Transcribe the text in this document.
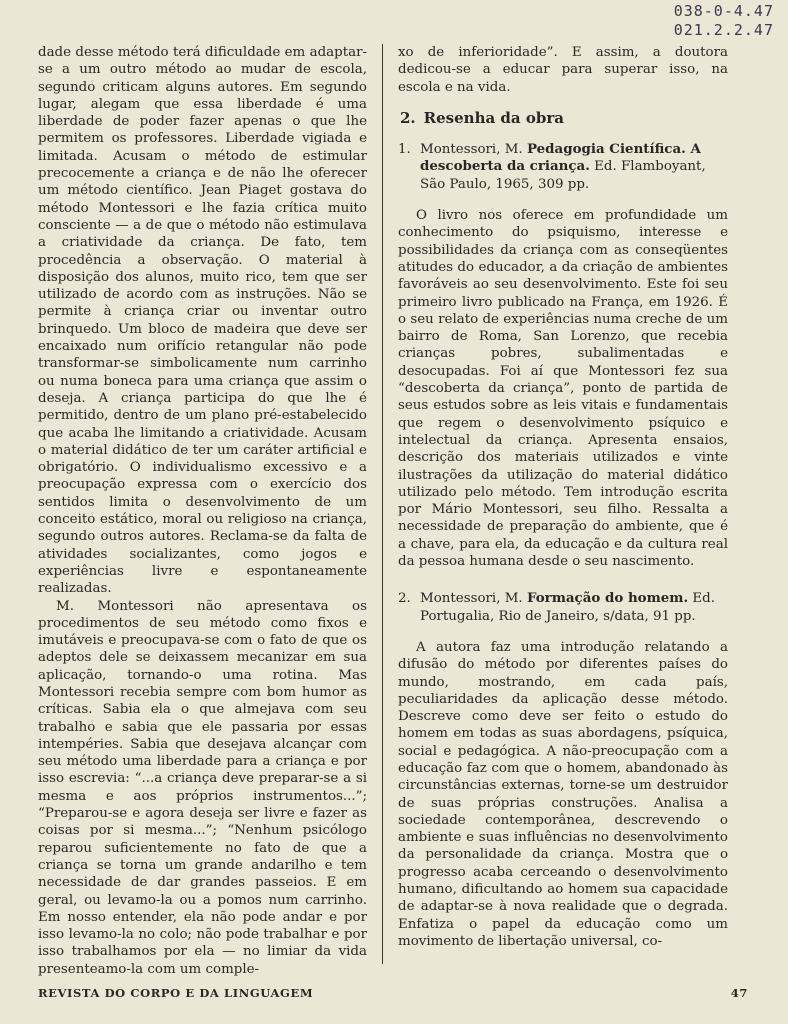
038-0-4.47
021.2.2.47

dade desse método terá dificuldade em adaptar-se a um outro método ao mudar de escola, segundo criticam alguns autores. Em segundo lugar, alegam que essa liberdade é uma liberdade de poder fazer apenas o que lhe permitem os professores. Liberdade vigiada e limitada. Acusam o método de estimular precocemente a criança e de não lhe oferecer um método científico. Jean Piaget gostava do método Montessori e lhe fazia crítica muito consciente — a de que o método não estimulava a criatividade da criança. De fato, tem procedência a observação. O material à disposição dos alunos, muito rico, tem que ser utilizado de acordo com as instruções. Não se permite à criança criar ou inventar outro brinquedo. Um bloco de madeira que deve ser encaixado num orifício retangular não pode transformar-se simbolicamente num carrinho ou numa boneca para uma criança que assim o deseja. A criança participa do que lhe é permitido, dentro de um plano pré-estabelecido que acaba lhe limitando a criatividade. Acusam o material didático de ter um caráter artificial e obrigatório. O individualismo excessivo e a preocupação expressa com o exercício dos sentidos limita o desenvolvimento de um conceito estático, moral ou religioso na criança, segundo outros autores. Reclama-se da falta de atividades socializantes, como jogos e experiências livre e espontaneamente realizadas.

M. Montessori não apresentava os procedimentos de seu método como fixos e imutáveis e preocupava-se com o fato de que os adeptos dele se deixassem mecanizar em sua aplicação, tornando-o uma rotina. Mas Montessori recebia sempre com bom humor as críticas. Sabia ela o que almejava com seu trabalho e sabia que ele passaria por essas intempéries. Sabia que desejava alcançar com seu método uma liberdade para a criança e por isso escrevia: “...a criança deve preparar-se a si mesma e aos próprios instrumentos...”; “Preparou-se e agora deseja ser livre e fazer as coisas por si mesma...”; “Nenhum psicólogo reparou suficientemente no fato de que a criança se torna um grande andarilho e tem necessidade de dar grandes passeios. E em geral, ou levamo-la ou a pomos num carrinho. Em nosso entender, ela não pode andar e por isso levamo-la no colo; não pode trabalhar e por isso trabalhamos por ela — no limiar da vida presenteamo-la com um comple-

xo de inferioridade”. E assim, a doutora dedicou-se a educar para superar isso, na escola e na vida.

2. Resenha da obra
1. Montessori, M. Pedagogia Científica. A descoberta da criança. Ed. Flamboyant, São Paulo, 1965, 309 pp.

O livro nos oferece em profundidade um conhecimento do psiquismo, interesse e possibilidades da criança com as conseqüentes atitudes do educador, a da criação de ambientes favoráveis ao seu desenvolvimento. Este foi seu primeiro livro publicado na França, em 1926. É o seu relato de experiências numa creche de um bairro de Roma, San Lorenzo, que recebia crianças pobres, subalimentadas e desocupadas. Foi aí que Montessori fez sua “descoberta da criança”, ponto de partida de seus estudos sobre as leis vitais e fundamentais que regem o desenvolvimento psíquico e intelectual da criança. Apresenta ensaios, descrição dos materiais utilizados e vinte ilustrações da utilização do material didático utilizado pelo método. Tem introdução escrita por Mário Montessori, seu filho. Ressalta a necessidade de preparação do ambiente, que é a chave, para ela, da educação e da cultura real da pessoa humana desde o seu nascimento.

2. Montessori, M. Formação do homem. Ed. Portugalia, Rio de Janeiro, s/data, 91 pp.

A autora faz uma introdução relatando a difusão do método por diferentes países do mundo, mostrando, em cada país, peculiaridades da aplicação desse método. Descreve como deve ser feito o estudo do homem em todas as suas abordagens, psíquica, social e pedagógica. A não-preocupação com a educação faz com que o homem, abandonado às circunstâncias externas, torne-se um destruidor de suas próprias construções. Analisa a sociedade contemporânea, descrevendo o ambiente e suas influências no desenvolvimento da personalidade da criança. Mostra que o progresso acaba cerceando o desenvolvimento humano, dificultando ao homem sua capacidade de adaptar-se à nova realidade que o degrada. Enfatiza o papel da educação como um movimento de libertação universal, co-

REVISTA DO CORPO E DA LINGUAGEM	47
